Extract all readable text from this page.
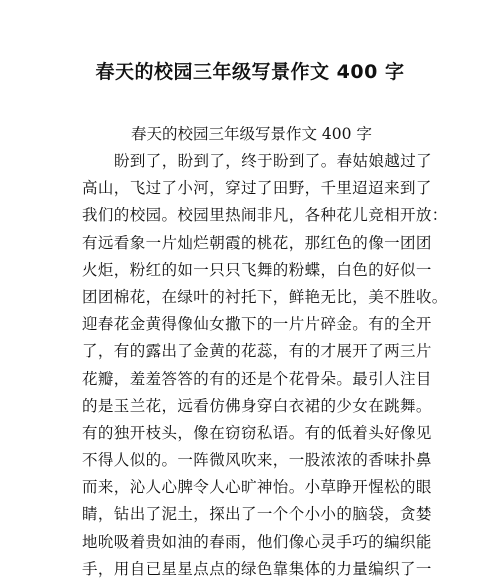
春天的校园三年级写景作文 400 字
春天的校园三年级写景作文 400 字
盼到了，盼到了，终于盼到了。春姑娘越过了
高山，飞过了小河，穿过了田野，千里迢迢来到了
我们的校园。校园里热闹非凡，各种花儿竞相开放：
有远看象一片灿烂朝霞的桃花，那红色的像一团团
火炬，粉红的如一只只飞舞的粉蝶，白色的好似一
团团棉花，在绿叶的衬托下，鲜艳无比，美不胜收。
迎春花金黄得像仙女撒下的一片片碎金。有的全开
了，有的露出了金黄的花蕊，有的才展开了两三片
花瓣，羞羞答答的有的还是个花骨朵。最引人注目
的是玉兰花，远看仿佛身穿白衣裙的少女在跳舞。
有的独开枝头，像在窃窃私语。有的低着头好像见
不得人似的。一阵微风吹来，一股浓浓的香味扑鼻
而来，沁人心脾令人心旷神怡。小草睁开惺松的眼
睛，钻出了泥土，探出了一个个小小的脑袋，贪婪
地吮吸着贵如油的春雨，他们像心灵手巧的编织能
手，用自已星星点点的绿色靠集体的力量编织了一
